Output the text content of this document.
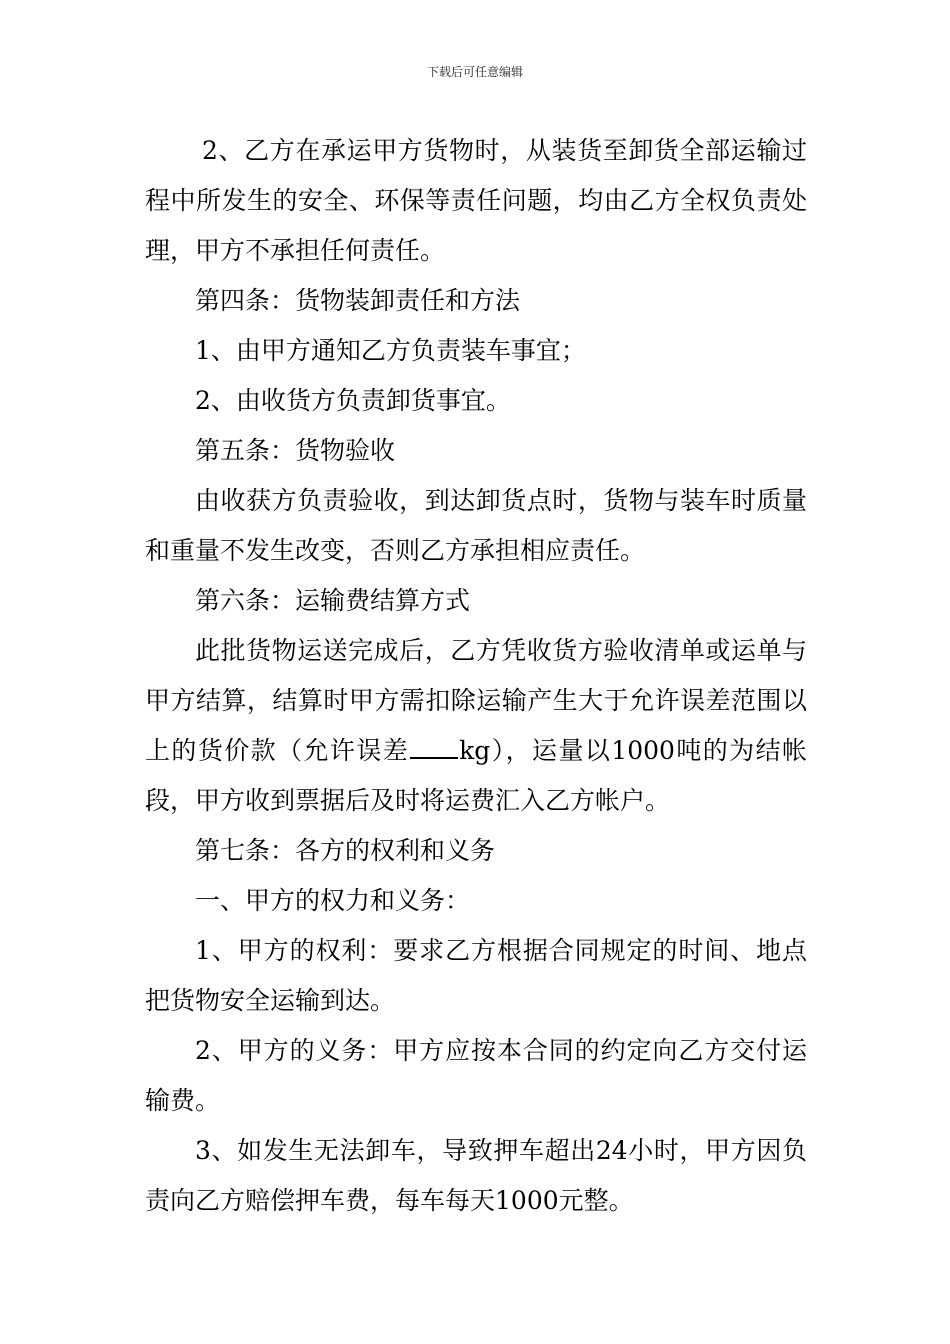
下载后可任意编辑

2、乙方在承运甲方货物时，从装货至卸货全部运输过程中所发生的安全、环保等责任问题，均由乙方全权负责处理，甲方不承担任何责任。

第四条：货物装卸责任和方法

1、由甲方通知乙方负责装车事宜；

2、由收货方负责卸货事宜。

第五条：货物验收

由收获方负责验收，到达卸货点时，货物与装车时质量和重量不发生改变，否则乙方承担相应责任。

第六条：运输费结算方式

此批货物运送完成后，乙方凭收货方验收清单或运单与甲方结算，结算时甲方需扣除运输产生大于允许误差范围以上的货价款（允许误差 kg），运量以1000吨的为结帐段，甲方收到票据后及时将运费汇入乙方帐户。

第七条：各方的权利和义务

一、甲方的权力和义务：

1、甲方的权利：要求乙方根据合同规定的时间、地点把货物安全运输到达。

2、甲方的义务：甲方应按本合同的约定向乙方交付运输费。

3、如发生无法卸车，导致押车超出24小时，甲方因负责向乙方赔偿押车费，每车每天1000元整。
